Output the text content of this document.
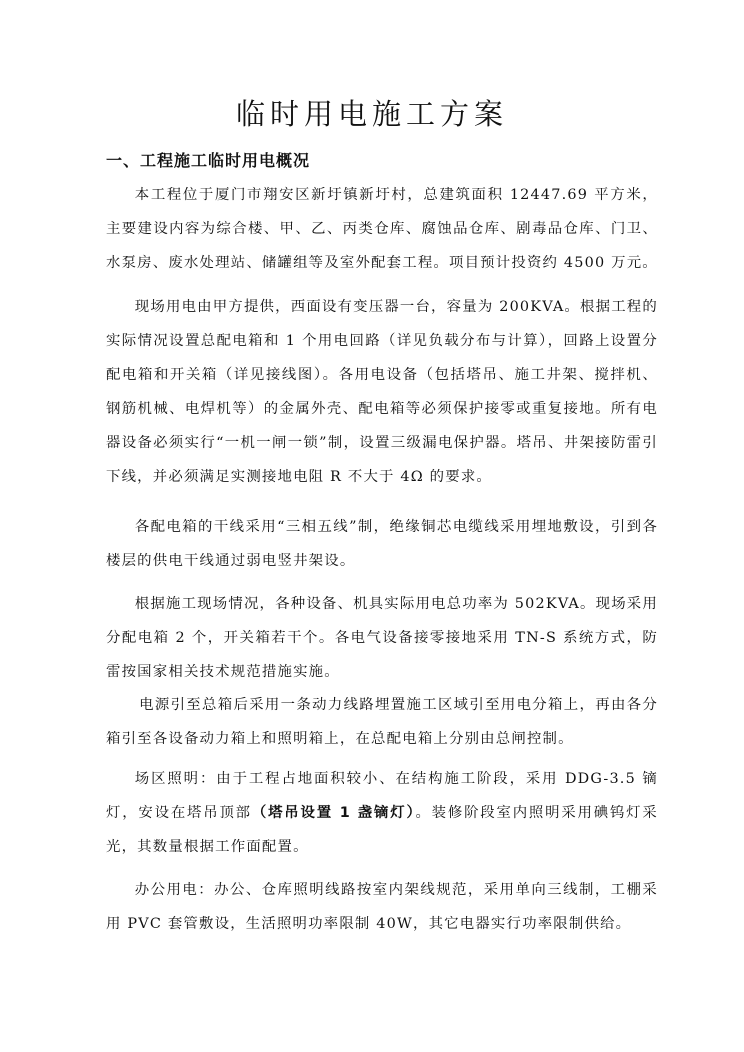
临时用电施工方案
一、工程施工临时用电概况

本工程位于厦门市翔安区新圩镇新圩村，总建筑面积 12447.69 平方米，主要建设内容为综合楼、甲、乙、丙类仓库、腐蚀品仓库、剧毒品仓库、门卫、水泵房、废水处理站、储罐组等及室外配套工程。项目预计投资约 4500 万元。

现场用电由甲方提供，西面设有变压器一台，容量为 200KVA。根据工程的实际情况设置总配电箱和 1 个用电回路（详见负载分布与计算），回路上设置分配电箱和开关箱（详见接线图）。各用电设备（包括塔吊、施工井架、搅拌机、钢筋机械、电焊机等）的金属外壳、配电箱等必须保护接零或重复接地。所有电器设备必须实行“一机一闸一锁”制，设置三级漏电保护器。塔吊、井架接防雷引下线，并必须满足实测接地电阻 R 不大于 4Ω 的要求。

各配电箱的干线采用“三相五线”制，绝缘铜芯电缆线采用埋地敷设，引到各楼层的供电干线通过弱电竖井架设。

根据施工现场情况，各种设备、机具实际用电总功率为 502KVA。现场采用分配电箱 2 个，开关箱若干个。各电气设备接零接地采用 TN-S 系统方式，防雷按国家相关技术规范措施实施。

电源引至总箱后采用一条动力线路埋置施工区域引至用电分箱上，再由各分箱引至各设备动力箱上和照明箱上，在总配电箱上分别由总闸控制。

场区照明：由于工程占地面积较小、在结构施工阶段，采用 DDG-3.5 镝灯，安设在塔吊顶部（塔吊设置 1 盏镝灯）。装修阶段室内照明采用碘钨灯采光，其数量根据工作面配置。

办公用电：办公、仓库照明线路按室内架线规范，采用单向三线制，工棚采用 PVC 套管敷设，生活照明功率限制 40W，其它电器实行功率限制供给。
